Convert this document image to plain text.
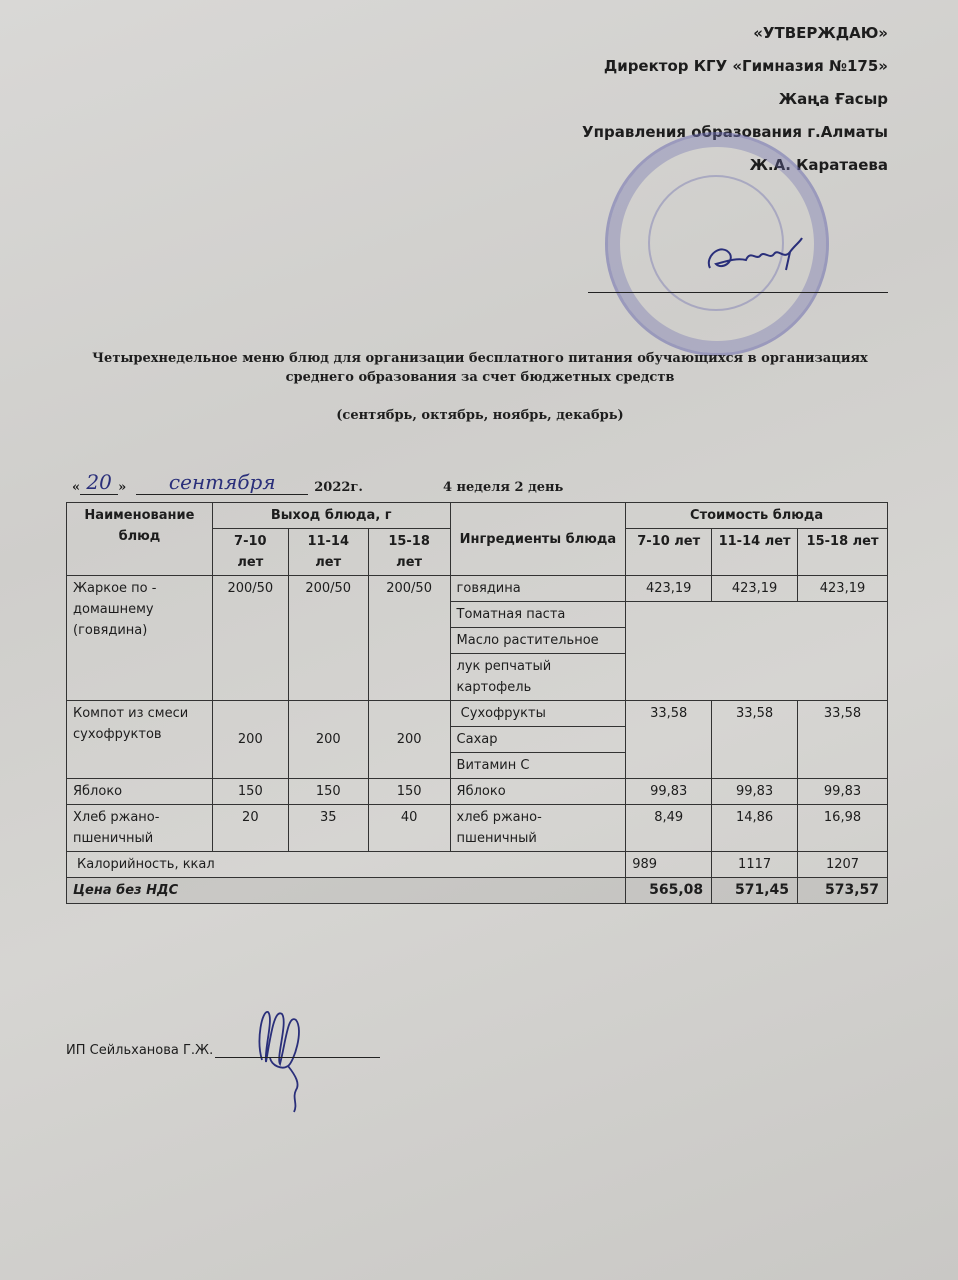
«УТВЕРЖДАЮ»
Директор КГУ «Гимназия №175»
Жаңа Ғасыр
Управления образования г.Алматы
Ж.А. Каратаева
Четырехнедельное меню блюд для организации бесплатного питания обучающихся в организациях среднего образования за счет бюджетных средств
(сентябрь, октябрь, ноябрь, декабрь)
« 20 »	сентября	2022г.	4 неделя 2 день
Наименование блюд	Выход блюда, г			Ингредиенты блюда	Стоимость блюда		
	7-10 лет	11-14 лет	15-18 лет		7-10 лет	11-14 лет	15-18 лет
Жаркое по - домашнему (говядина)	200/50	200/50	200/50	говядина	423,19	423,19	423,19
				Томатная паста			
				Масло растительное			
				лук репчатый картофель			
Компот из смеси сухофруктов	200	200	200	Сухофрукты	33,58	33,58	33,58
				Сахар			
				Витамин С			
Яблоко	150	150	150	Яблоко	99,83	99,83	99,83
Хлеб ржано-пшеничный	20	35	40	хлеб ржано-пшеничный	8,49	14,86	16,98
Калорийность, ккал					989	1117	1207
Цена без НДС					565,08	571,45	573,57
ИП Сейльханова Г.Ж.
